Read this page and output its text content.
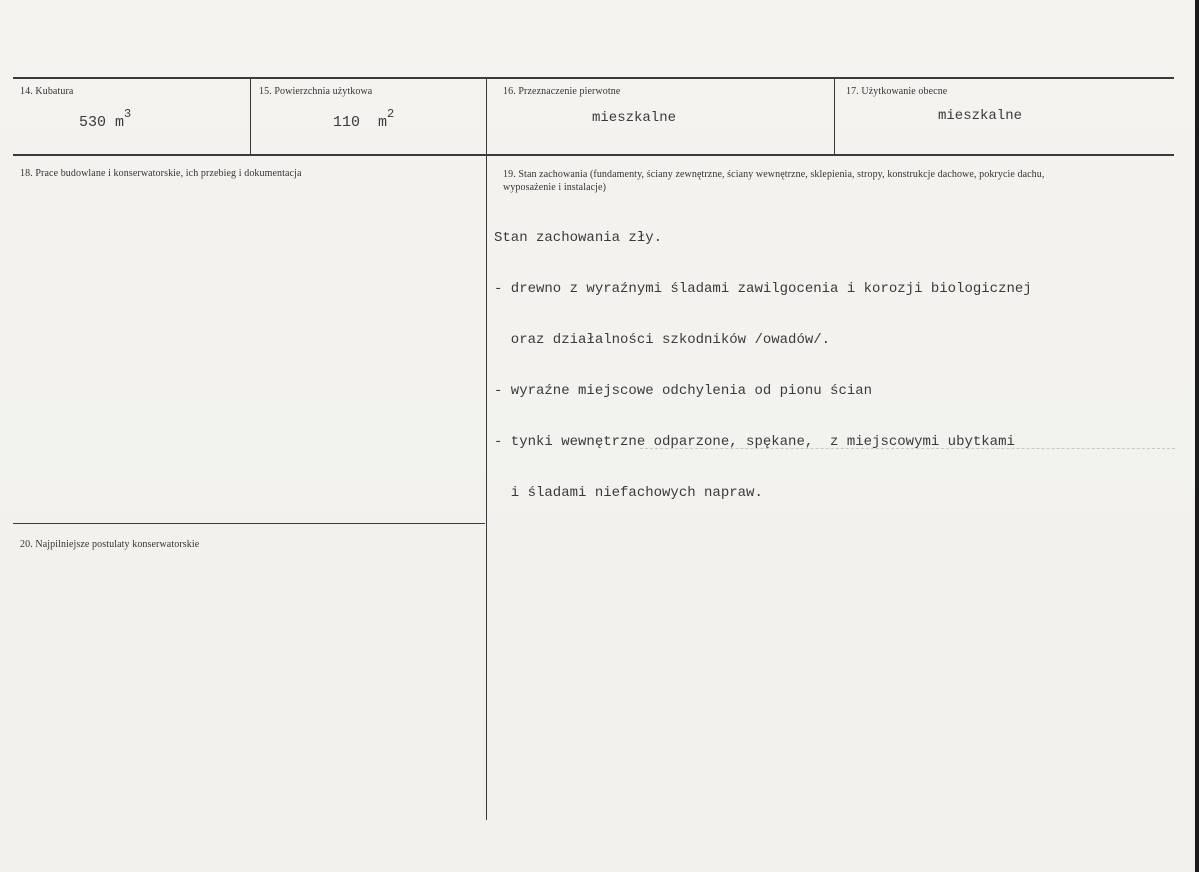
14. Kubatura
530 $m^3$
15. Powierzchnia użytkowa
110 $m^2$
16. Przeznaczenie pierwotne
mieszkalne
17. Użytkowanie obecne
mieszkalne
18. Prace budowlane i konserwatorskie, ich przebieg i dokumentacja	19. Stan zachowania (fundamenty, ściany zewnętrzne, ściany wewnętrzne, sklepienia, stropy, konstrukcje dachowe, pokrycie dachu, wyposażenie i instalacje)

Stan zachowania zły.

- drewno z wyraźnymi śladami zawilgocenia i korozji biologicznej

oraz działalności szkodników /owadów/.

- wyraźne miejscowe odchylenia od pionu ścian

- tynki wewnętrzne odparzone, spękane,  z miejscowymi ubytkami

i śladami niefachowych napraw.

20. Najpilniejsze postulaty konserwatorskie
